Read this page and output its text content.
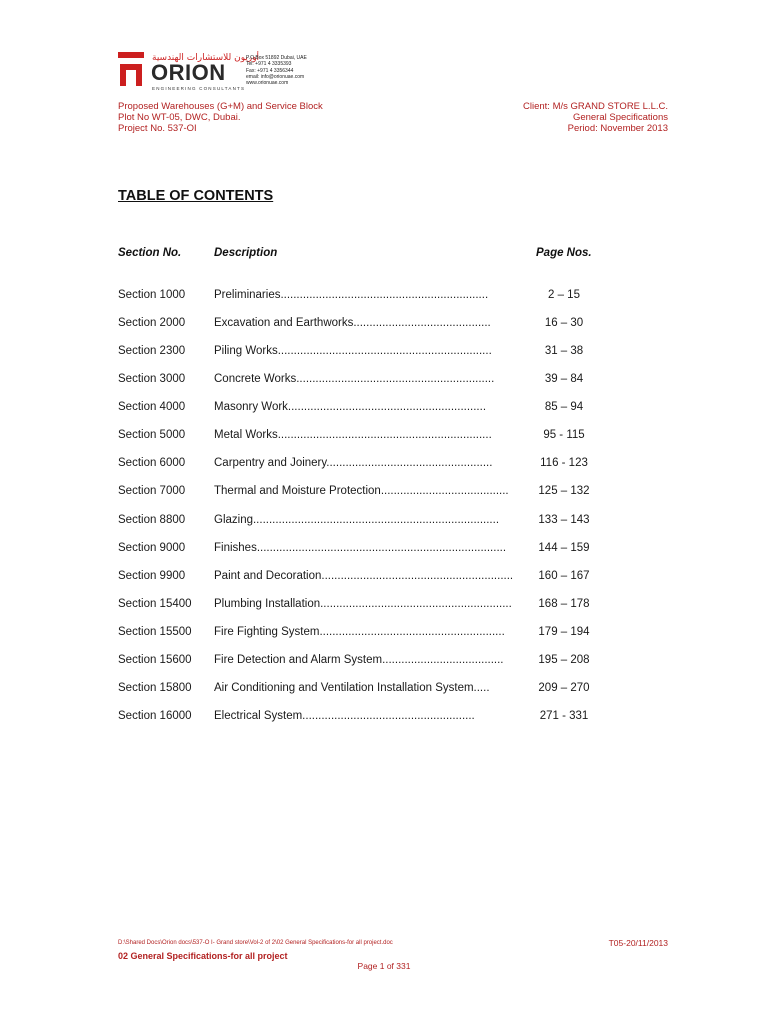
أوريون للاستشارات الهندسية
ORION
ENGINEERING CONSULTANTS
P.O.Box 51892 Dubai, UAE
Tel: +971 4 3335393
Fax: +971 4 3356344
email: info@orionuae.com
www.orionuae.com
Proposed Warehouses (G+M) and Service Block
Plot No WT-05, DWC, Dubai.
Project No. 537-OI
Client: M/s GRAND STORE L.L.C.
General Specifications
Period: November 2013
TABLE OF CONTENTS
Section No.	Description	Page Nos.
Section 1000	Preliminaries.................................................................	2 – 15
Section 2000	Excavation and Earthworks...........................................	16 – 30
Section 2300	Piling Works...................................................................	31 – 38
Section 3000	Concrete Works..............................................................	39 – 84
Section 4000	Masonry Work..............................................................	85 – 94
Section 5000	Metal Works...................................................................	95 - 115
Section 6000	Carpentry and Joinery....................................................	116 - 123
Section 7000	Thermal and Moisture Protection........................................	125 – 132
Section 8800	Glazing.............................................................................	133 – 143
Section 9000	Finishes..............................................................................	144 – 159
Section 9900	Paint and Decoration............................................................	160 – 167
Section 15400 Plumbing Installation............................................................	168 – 178
Section 15500 Fire Fighting System..........................................................	179 – 194
Section 15600 Fire Detection and Alarm System......................................	195 – 208
Section 15800 Air Conditioning and Ventilation Installation System.....	209 – 270
Section 16000 Electrical System......................................................	271 - 331
D:\Shared Docs\Orion docs\537-O I- Grand store\Vol-2 of 2\02 General Specifications-for all project.doc	T05-20/11/2013
02 General Specifications-for all project
Page 1 of 331
